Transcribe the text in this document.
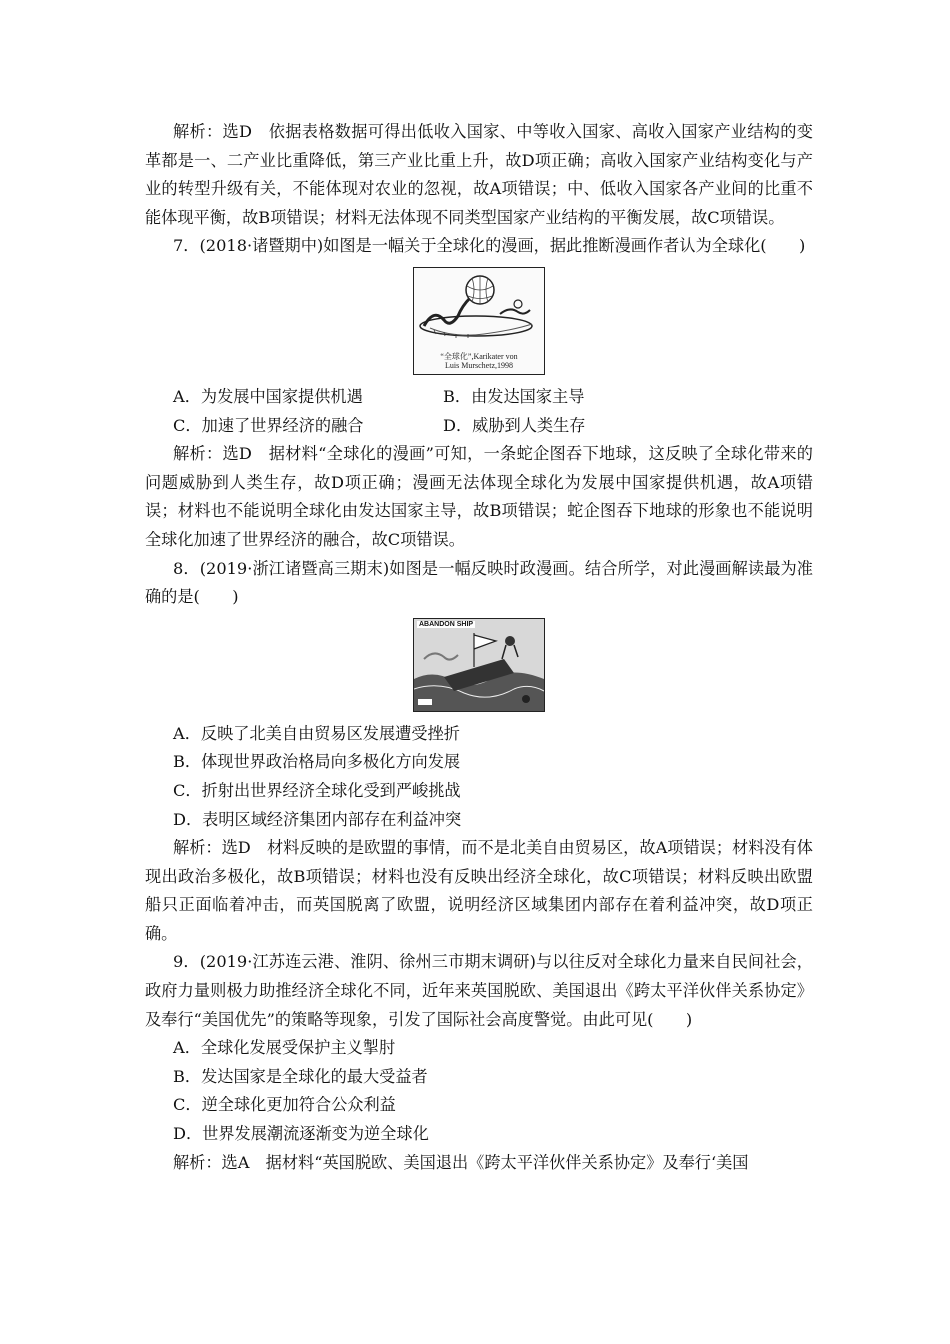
解析：选D　依据表格数据可得出低收入国家、中等收入国家、高收入国家产业结构的变革都是一、二产业比重降低，第三产业比重上升，故D项正确；高收入国家产业结构变化与产业的转型升级有关，不能体现对农业的忽视，故A项错误；中、低收入国家各产业间的比重不能体现平衡，故B项错误；材料无法体现不同类型国家产业结构的平衡发展，故C项错误。

7．(2018·诸暨期中)如图是一幅关于全球化的漫画，据此推断漫画作者认为全球化(　　)

“全球化”,Karikater von
Luis Murschetz,1998
A．为发展中国家提供机遇	B．由发达国家主导
C．加速了世界经济的融合	D．威胁到人类生存

解析：选D　据材料“全球化的漫画”可知，一条蛇企图吞下地球，这反映了全球化带来的问题威胁到人类生存，故D项正确；漫画无法体现全球化为发展中国家提供机遇，故A项错误；材料也不能说明全球化由发达国家主导，故B项错误；蛇企图吞下地球的形象也不能说明全球化加速了世界经济的融合，故C项错误。

8．(2019·浙江诸暨高三期末)如图是一幅反映时政漫画。结合所学，对此漫画解读最为准确的是(　　)

ABANDON SHIP

A．反映了北美自由贸易区发展遭受挫折

B．体现世界政治格局向多极化方向发展

C．折射出世界经济全球化受到严峻挑战

D．表明区域经济集团内部存在利益冲突

解析：选D　材料反映的是欧盟的事情，而不是北美自由贸易区，故A项错误；材料没有体现出政治多极化，故B项错误；材料也没有反映出经济全球化，故C项错误；材料反映出欧盟船只正面临着冲击，而英国脱离了欧盟，说明经济区域集团内部存在着利益冲突，故D项正确。

9．(2019·江苏连云港、淮阴、徐州三市期末调研)与以往反对全球化力量来自民间社会，政府力量则极力助推经济全球化不同，近年来英国脱欧、美国退出《跨太平洋伙伴关系协定》及奉行“美国优先”的策略等现象，引发了国际社会高度警觉。由此可见(　　)

A．全球化发展受保护主义掣肘

B．发达国家是全球化的最大受益者

C．逆全球化更加符合公众利益

D．世界发展潮流逐渐变为逆全球化

解析：选A　据材料“英国脱欧、美国退出《跨太平洋伙伴关系协定》及奉行‘美国
